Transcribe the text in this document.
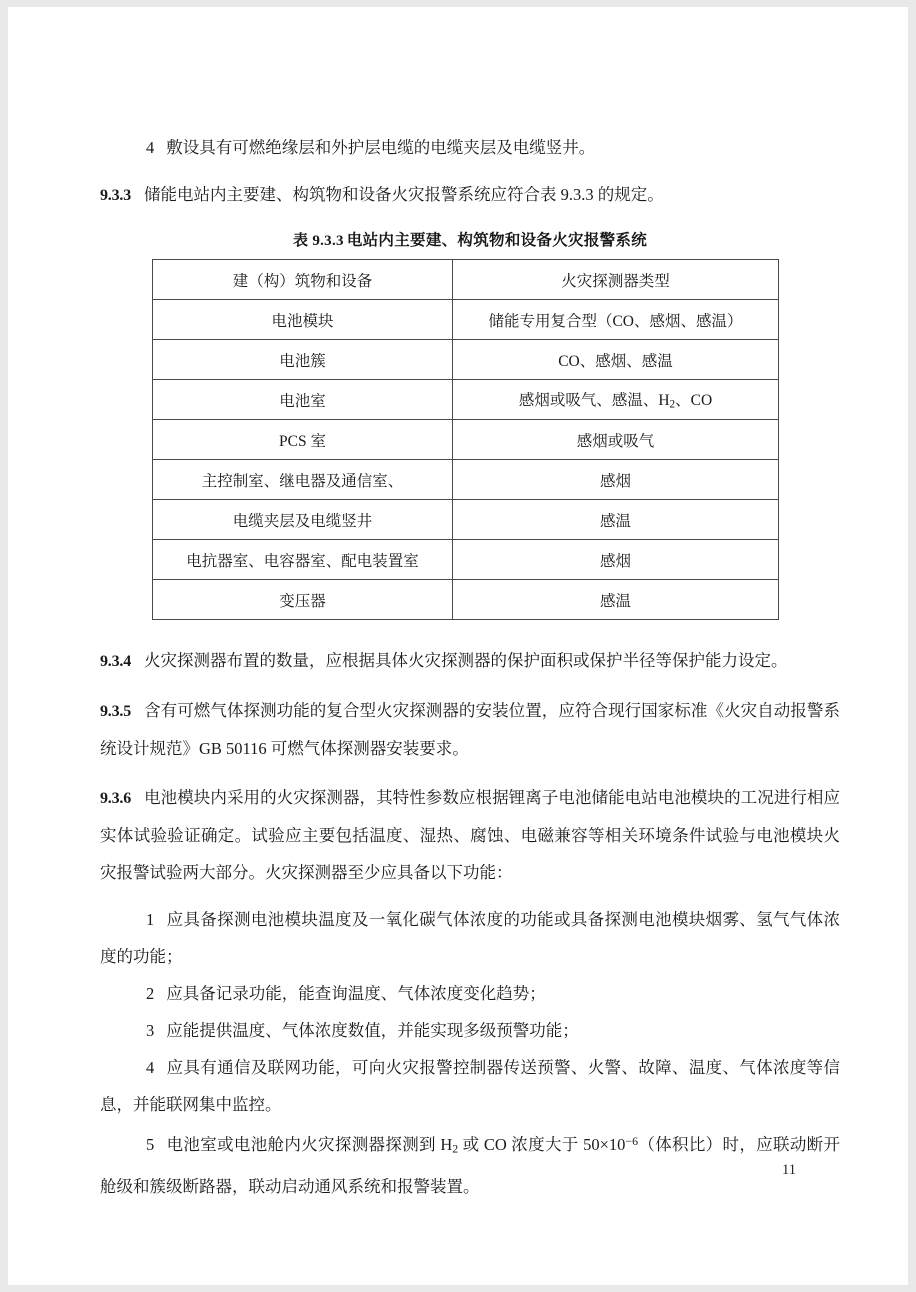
4 敷设具有可燃绝缘层和外护层电缆的电缆夹层及电缆竖井。

9.3.3 储能电站内主要建、构筑物和设备火灾报警系统应符合表 9.3.3 的规定。

表 9.3.3 电站内主要建、构筑物和设备火灾报警系统
建（构）筑物和设备	火灾探测器类型
电池模块	储能专用复合型（CO、感烟、感温）
电池簇	CO、感烟、感温
电池室	感烟或吸气、感温、$H_2$、CO
PCS 室	感烟或吸气
主控制室、继电器及通信室、	感烟
电缆夹层及电缆竖井	感温
电抗器室、电容器室、配电装置室	感烟
变压器	感温

9.3.4 火灾探测器布置的数量，应根据具体火灾探测器的保护面积或保护半径等保护能力设定。

9.3.5 含有可燃气体探测功能的复合型火灾探测器的安装位置，应符合现行国家标准《火灾自动报警系统设计规范》GB 50116 可燃气体探测器安装要求。

9.3.6 电池模块内采用的火灾探测器，其特性参数应根据锂离子电池储能电站电池模块的工况进行相应实体试验验证确定。试验应主要包括温度、湿热、腐蚀、电磁兼容等相关环境条件试验与电池模块火灾报警试验两大部分。火灾探测器至少应具备以下功能：

1 应具备探测电池模块温度及一氧化碳气体浓度的功能或具备探测电池模块烟雾、氢气气体浓度的功能；

2 应具备记录功能，能查询温度、气体浓度变化趋势；

3 应能提供温度、气体浓度数值，并能实现多级预警功能；

4 应具有通信及联网功能，可向火灾报警控制器传送预警、火警、故障、温度、气体浓度等信息，并能联网集中监控。

5 电池室或电池舱内火灾探测器探测到 $H_2$ 或 CO 浓度大于 $50\times 10^{-6}$（体积比）时，应联动断开舱级和簇级断路器，联动启动通风系统和报警装置。

11
